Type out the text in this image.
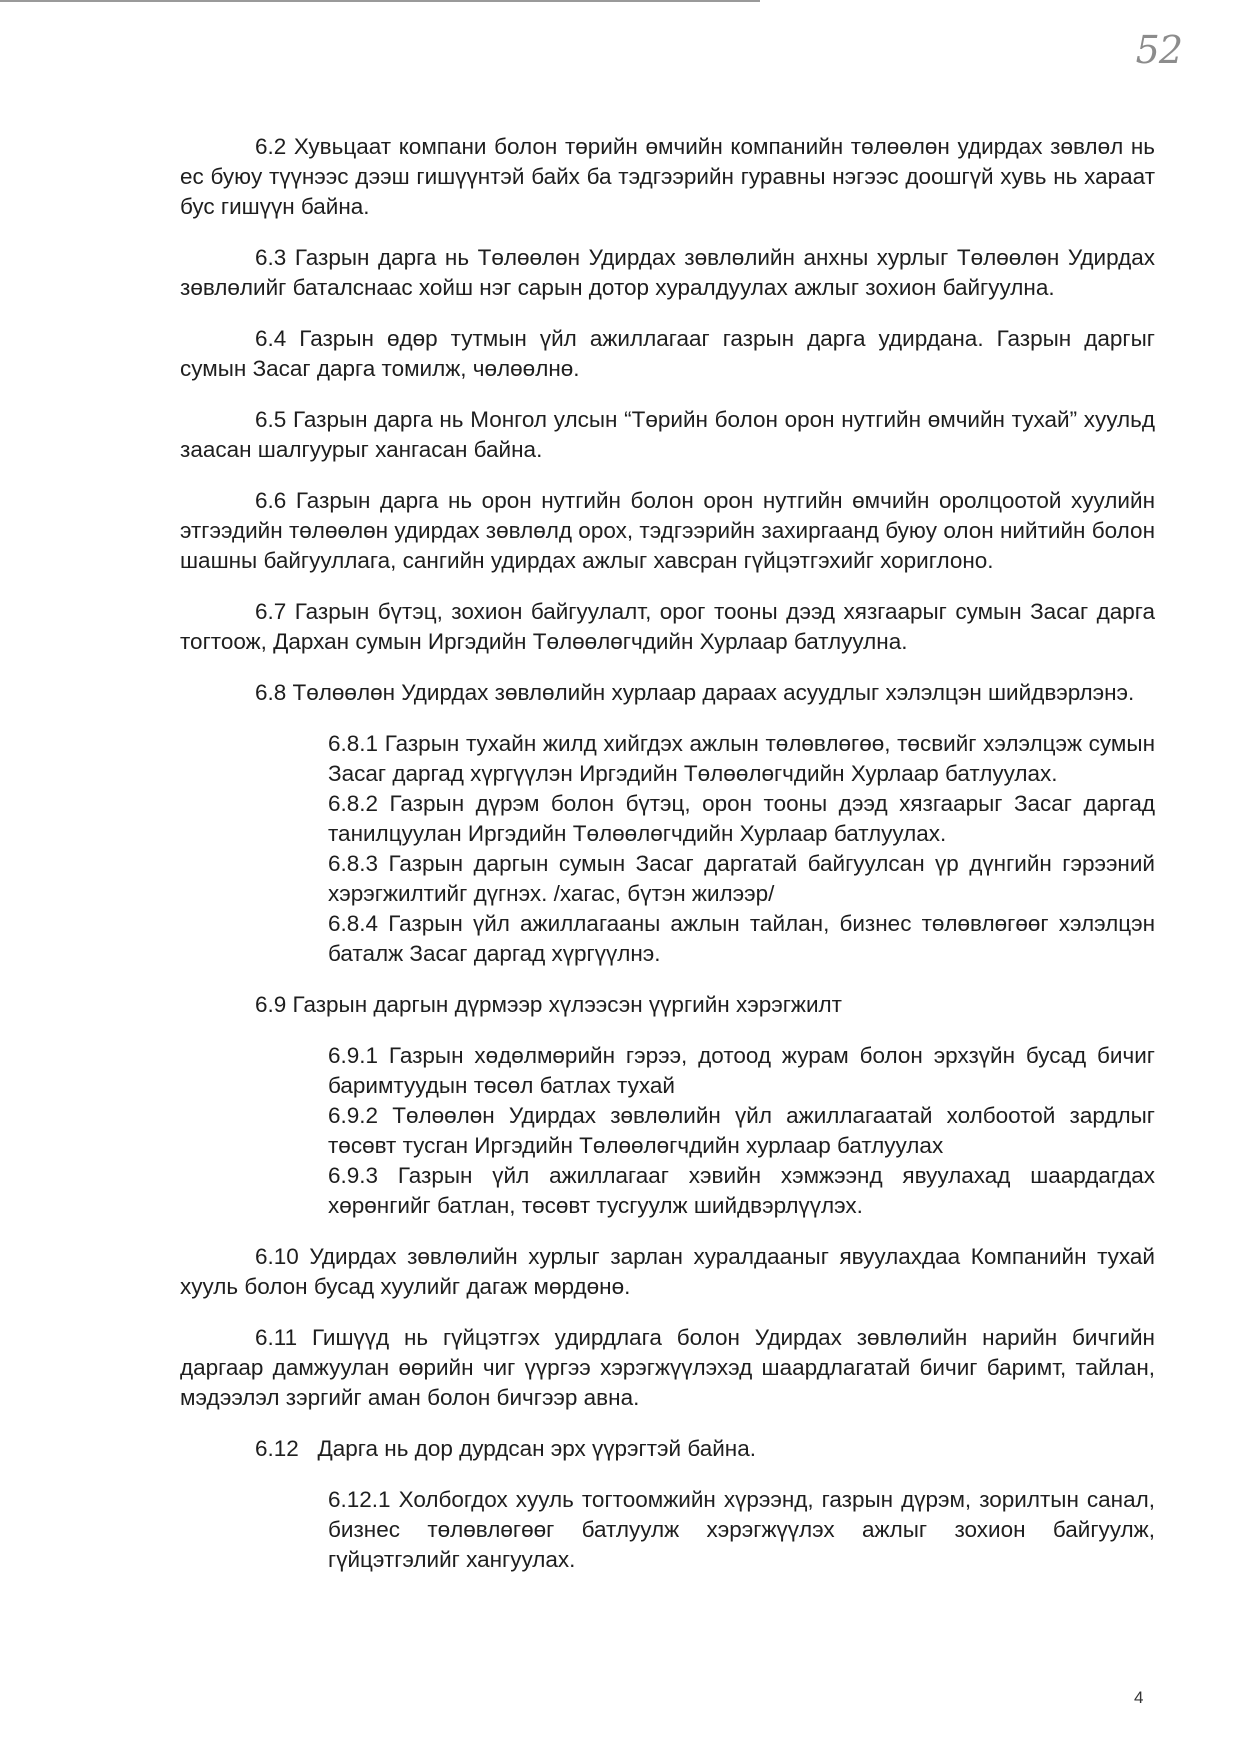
52

6.2 Хувьцаат компани болон төрийн өмчийн компанийн төлөөлөн удирдах зөвлөл нь ес буюу түүнээс дээш гишүүнтэй байх ба тэдгээрийн гуравны нэгээс доошгүй хувь нь хараат бус гишүүн байна.

6.3 Газрын дарга нь Төлөөлөн Удирдах зөвлөлийн анхны хурлыг Төлөөлөн Удирдах зөвлөлийг баталснаас хойш нэг сарын дотор хуралдуулах ажлыг зохион байгуулна.

6.4 Газрын өдөр тутмын үйл ажиллагааг газрын дарга удирдана. Газрын даргыг сумын Засаг дарга томилж, чөлөөлнө.

6.5 Газрын дарга нь Монгол улсын “Төрийн болон орон нутгийн өмчийн тухай” хуульд заасан шалгуурыг хангасан байна.

6.6 Газрын дарга нь орон нутгийн болон орон нутгийн өмчийн оролцоотой хуулийн этгээдийн төлөөлөн удирдах зөвлөлд орох, тэдгээрийн захиргаанд буюу олон нийтийн болон шашны байгууллага, сангийн удирдах ажлыг хавсран гүйцэтгэхийг хориглоно.

6.7 Газрын бүтэц, зохион байгуулалт, орог тооны дээд хязгаарыг сумын Засаг дарга тогтоож, Дархан сумын Иргэдийн Төлөөлөгчдийн Хурлаар батлуулна.

6.8 Төлөөлөн Удирдах зөвлөлийн хурлаар дараах асуудлыг хэлэлцэн шийдвэрлэнэ.

6.8.1 Газрын тухайн жилд хийгдэх ажлын төлөвлөгөө, төсвийг хэлэлцэж сумын Засаг даргад хүргүүлэн Иргэдийн Төлөөлөгчдийн Хурлаар батлуулах.

6.8.2 Газрын дүрэм болон бүтэц, орон тооны дээд хязгаарыг Засаг даргад танилцуулан Иргэдийн Төлөөлөгчдийн Хурлаар батлуулах.

6.8.3 Газрын даргын сумын Засаг даргатай байгуулсан үр дүнгийн гэрээний хэрэгжилтийг дүгнэх. /хагас, бүтэн жилээр/

6.8.4 Газрын үйл ажиллагааны ажлын тайлан, бизнес төлөвлөгөөг хэлэлцэн баталж Засаг даргад хүргүүлнэ.

6.9 Газрын даргын дүрмээр хүлээсэн үүргийн хэрэгжилт

6.9.1 Газрын хөдөлмөрийн гэрээ, дотоод журам болон эрхзүйн бусад бичиг баримтуудын төсөл батлах тухай

6.9.2 Төлөөлөн Удирдах зөвлөлийн үйл ажиллагаатай холбоотой зардлыг төсөвт тусган Иргэдийн Төлөөлөгчдийн хурлаар батлуулах

6.9.3 Газрын үйл ажиллагааг хэвийн хэмжээнд явуулахад шаардагдах хөрөнгийг батлан, төсөвт тусгуулж шийдвэрлүүлэх.

6.10 Удирдах зөвлөлийн хурлыг зарлан хуралдааныг явуулахдаа Компанийн тухай хууль болон бусад хуулийг дагаж мөрдөнө.

6.11 Гишүүд нь гүйцэтгэх удирдлага болон Удирдах зөвлөлийн нарийн бичгийн даргаар дамжуулан өөрийн чиг үүргээ хэрэгжүүлэхэд шаардлагатай бичиг баримт, тайлан, мэдээлэл зэргийг аман болон бичгээр авна.

6.12   Дарга нь дор дурдсан эрх үүрэгтэй байна.

6.12.1 Холбогдох хууль тогтоомжийн хүрээнд, газрын дүрэм, зорилтын санал, бизнес төлөвлөгөөг батлуулж хэрэгжүүлэх ажлыг зохион байгуулж, гүйцэтгэлийг хангуулах.

4
